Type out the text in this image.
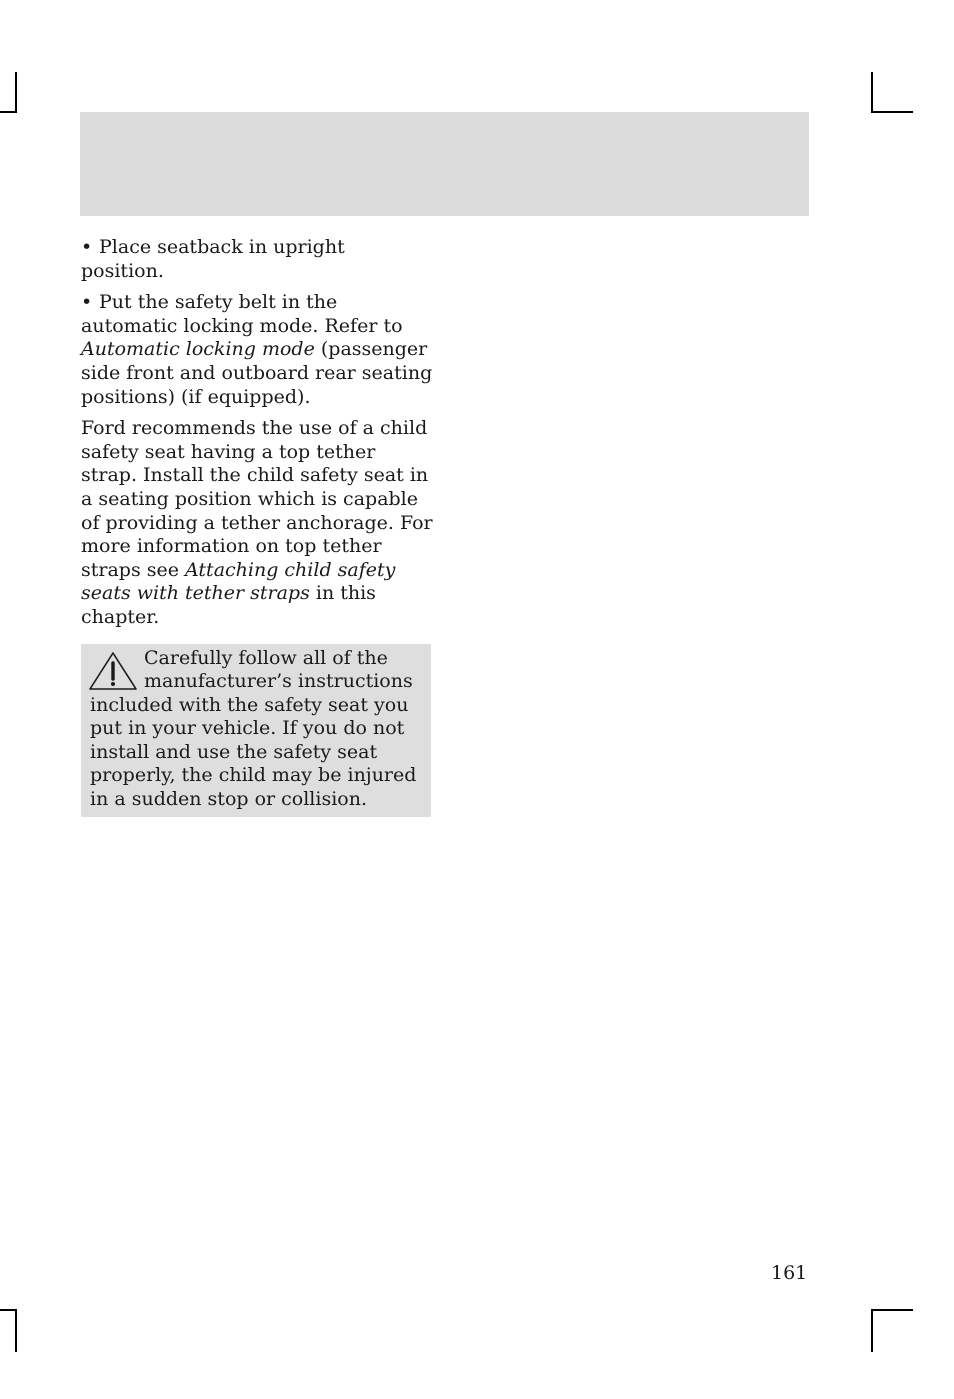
• Place seatback in upright position.

• Put the safety belt in the automatic locking mode. Refer to Automatic locking mode (passenger side front and outboard rear seating positions) (if equipped).

Ford recommends the use of a child safety seat having a top tether strap. Install the child safety seat in a seating position which is capable of providing a tether anchorage. For more information on top tether straps see Attaching child safety seats with tether straps in this chapter.

Carefully follow all of the manufacturer’s instructions included with the safety seat you put in your vehicle. If you do not install and use the safety seat properly, the child may be injured in a sudden stop or collision.
161
